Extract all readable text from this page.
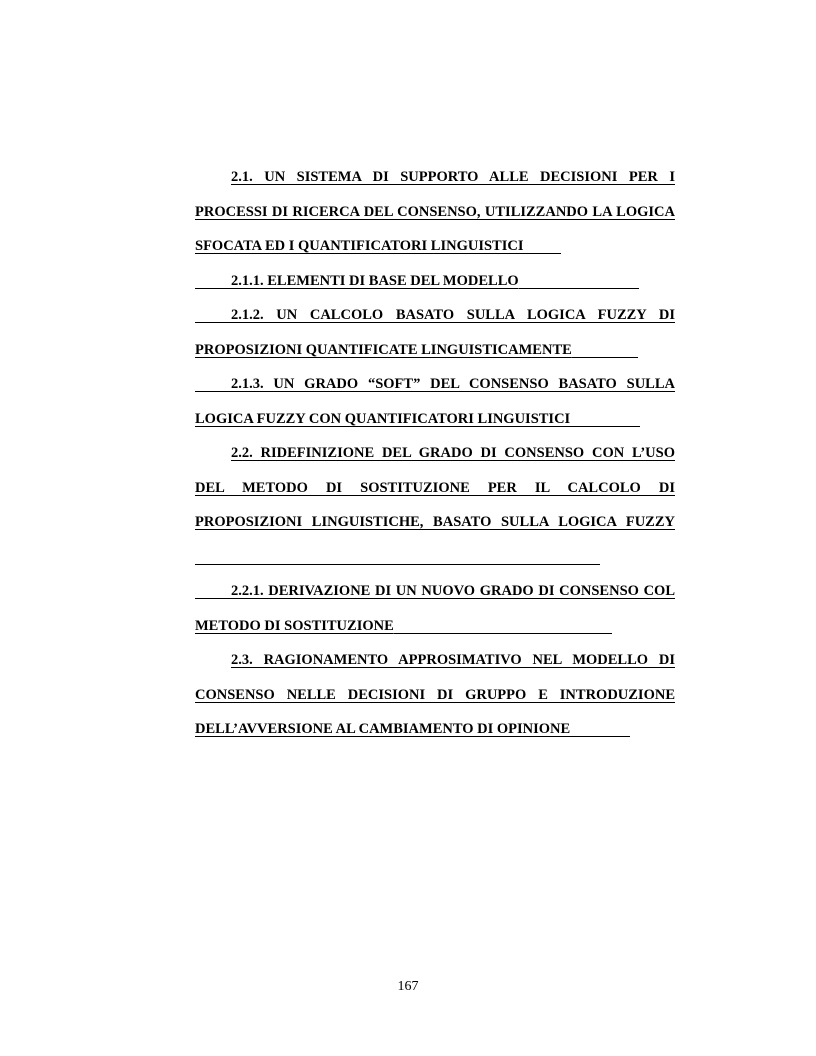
2.1. UN SISTEMA DI SUPPORTO ALLE DECISIONI PER I PROCESSI DI RICERCA DEL CONSENSO, UTILIZZANDO LA LOGICA SFOCATA ED I QUANTIFICATORI LINGUISTICI

2.1.1. ELEMENTI DI BASE DEL MODELLO

2.1.2. UN CALCOLO BASATO SULLA LOGICA FUZZY DI PROPOSIZIONI QUANTIFICATE LINGUISTICAMENTE

2.1.3. UN GRADO “SOFT” DEL CONSENSO BASATO SULLA LOGICA FUZZY CON QUANTIFICATORI LINGUISTICI

2.2. RIDEFINIZIONE DEL GRADO DI CONSENSO CON L’USO DEL METODO DI SOSTITUZIONE PER IL CALCOLO DI PROPOSIZIONI LINGUISTICHE, BASATO SULLA LOGICA FUZZY

2.2.1. DERIVAZIONE DI UN NUOVO GRADO DI CONSENSO COL METODO DI SOSTITUZIONE

2.3. RAGIONAMENTO APPROSIMATIVO NEL MODELLO DI CONSENSO NELLE DECISIONI DI GRUPPO E INTRODUZIONE DELL’AVVERSIONE AL CAMBIAMENTO DI OPINIONE

167
